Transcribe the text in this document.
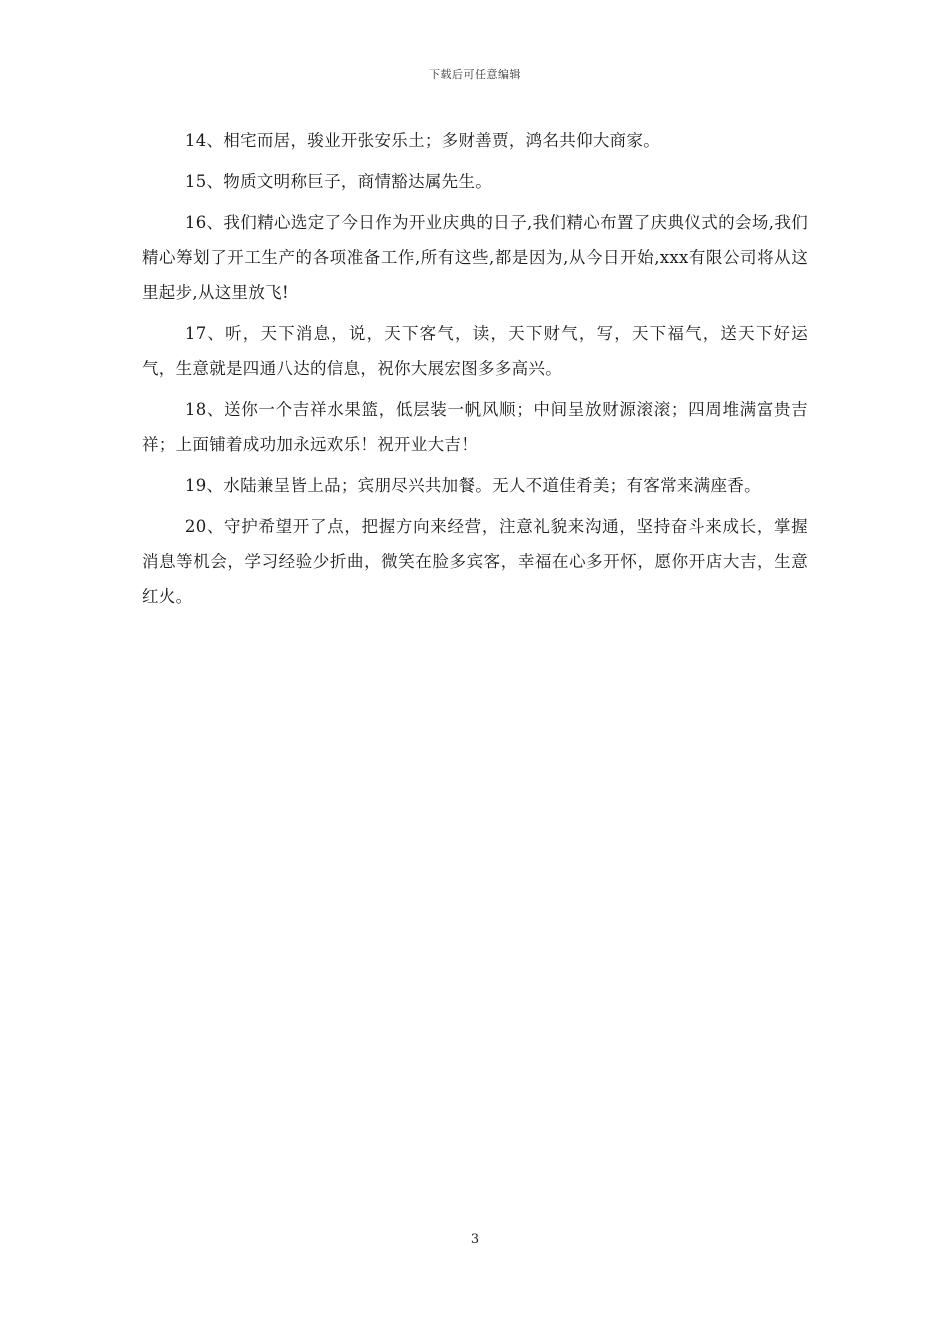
下载后可任意编辑

14、相宅而居，骏业开张安乐土；多财善贾，鸿名共仰大商家。

15、物质文明称巨子，商情豁达属先生。

16、我们精心选定了今日作为开业庆典的日子,我们精心布置了庆典仪式的会场,我们精心筹划了开工生产的各项准备工作,所有这些,都是因为,从今日开始,xxx有限公司将从这里起步,从这里放飞!

17、听，天下消息，说，天下客气，读，天下财气，写，天下福气，送天下好运气，生意就是四通八达的信息，祝你大展宏图多多高兴。

18、送你一个吉祥水果篮，低层装一帆风顺；中间呈放财源滚滚；四周堆满富贵吉祥；上面铺着成功加永远欢乐！祝开业大吉！

19、水陆兼呈皆上品；宾朋尽兴共加餐。无人不道佳肴美；有客常来满座香。

20、守护希望开了点，把握方向来经营，注意礼貌来沟通，坚持奋斗来成长，掌握消息等机会，学习经验少折曲，微笑在脸多宾客，幸福在心多开怀，愿你开店大吉，生意红火。

3
